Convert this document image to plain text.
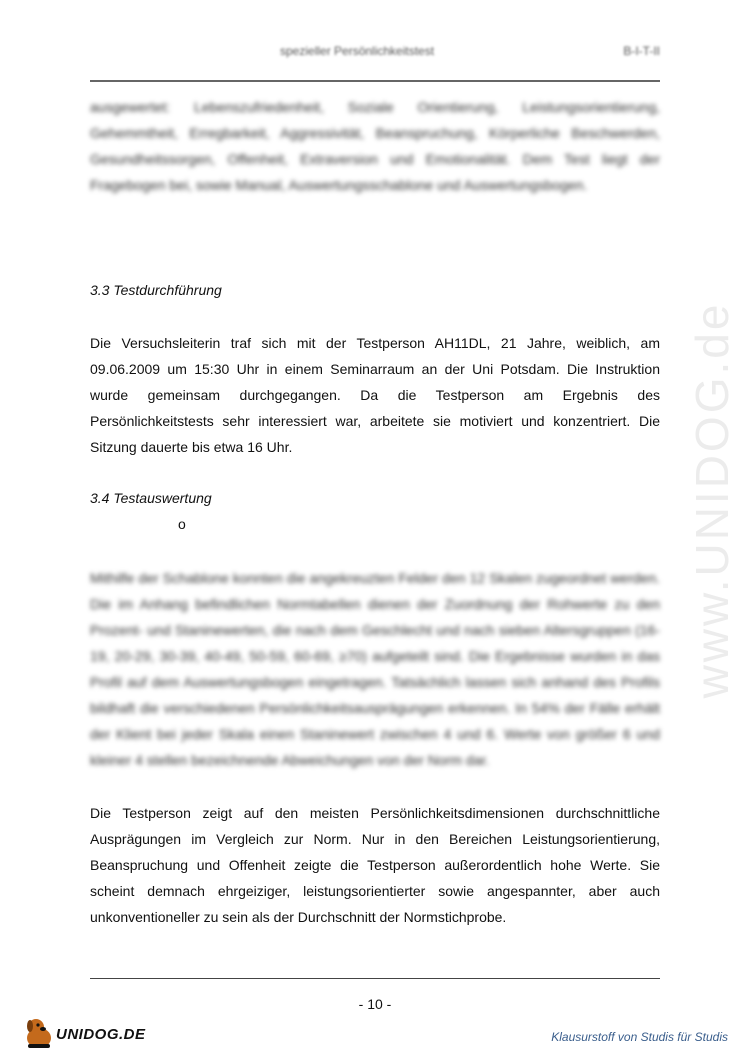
spezieller Persönlichkeitstest	B-I-T-II
ausgewertet: Lebenszufriedenheit, Soziale Orientierung, Leistungsorientierung, Gehemmtheit, Erregbarkeit, Aggressivität, Beanspruchung, Körperliche Beschwerden, Gesundheitssorgen, Offenheit, Extraversion und Emotionalität. Dem Test liegt der Fragebogen bei, sowie Manual, Auswertungsschablone und Auswertungsbogen.
3.3 Testdurchführung
Die Versuchsleiterin traf sich mit der Testperson AH11DL, 21 Jahre, weiblich, am 09.06.2009 um 15:30 Uhr in einem Seminarraum an der Uni Potsdam. Die Instruktion wurde gemeinsam durchgegangen. Da die Testperson am Ergebnis des Persönlichkeitstests sehr interessiert war, arbeitete sie motiviert und konzentriert. Die Sitzung dauerte bis etwa 16 Uhr.
3.4 Testauswertung
o
Mithilfe der Schablone konnten die angekreuzten Felder den 12 Skalen zugeordnet werden. Die im Anhang befindlichen Normtabellen dienen der Zuordnung der Rohwerte zu den Prozent- und Staninewerten, die nach dem Geschlecht und nach sieben Altersgruppen (16-19, 20-29, 30-39, 40-49, 50-59, 60-69, ≥70) aufgeteilt sind. Die Ergebnisse wurden in das Profil auf dem Auswertungsbogen eingetragen. Tatsächlich lassen sich anhand des Profils bildhaft die verschiedenen Persönlichkeitsausprägungen erkennen. In 54% der Fälle erhält der Klient bei jeder Skala einen Staninewert zwischen 4 und 6. Werte von größer 6 und kleiner 4 stellen bezeichnende Abweichungen von der Norm dar.
Die Testperson zeigt auf den meisten Persönlichkeitsdimensionen durchschnittliche Ausprägungen im Vergleich zur Norm. Nur in den Bereichen Leistungsorientierung, Beanspruchung und Offenheit zeigte die Testperson außerordentlich hohe Werte. Sie scheint demnach ehrgeiziger, leistungsorientierter sowie angespannter, aber auch unkonventioneller zu sein als der Durchschnitt der Normstichprobe.
www.UNIDOG.de
- 10 -
UNIDOG.DE	Klausurstoff von Studis für Studis
